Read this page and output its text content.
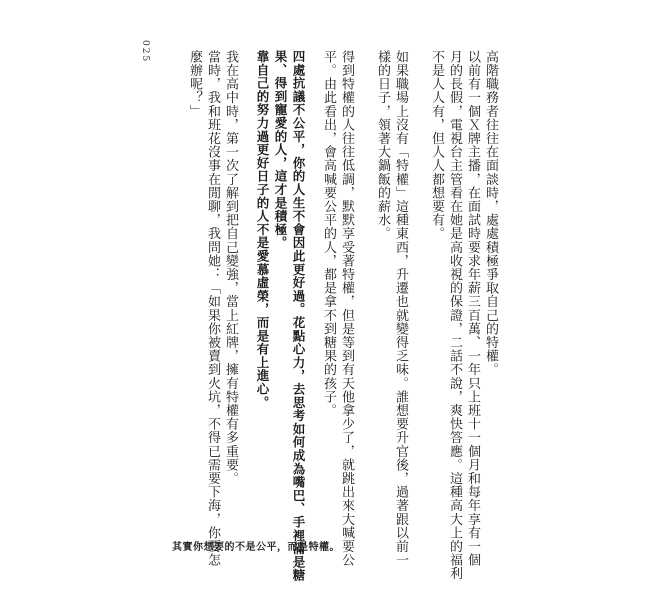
025	高階職務者往往在面談時，處處積極爭取自己的特權。
以前有一個Ｘ牌主播，在面試時要求年薪三百萬、一年只上班十一個月和每年享有一個
月的長假，電視台主管看在她是高收視的保證，二話不說，爽快答應。這種高大上的福利
不是人人有，但人人都想要有。
如果職場上沒有「特權」這種東西，升遷也就變得乏味。誰想要升官後，過著跟以前一
樣的日子，領著大鍋飯的薪水。
得到特權的人往往低調，默默享受著特權，但是等到有天他拿少了，就跳出來大喊要公
平。由此看出，會高喊要公平的人，都是拿不到糖果的孩子。
四處抗議不公平，你的人生不會因此更好過。花點心力，去思考如何成為嘴巴、手裡滿是糖
果、得到寵愛的人，這才是積極。
靠自己的努力過更好日子的人不是愛慕虛榮，而是有上進心。
我在高中時，第一次了解到把自己變強，當上紅牌，擁有特權有多重要。
當時，我和班花沒事在閒聊，我問她：「如果你被賣到火坑，不得已需要下海，你要怎
麼辦呢？」
其實你想要的不是公平，而是特權。
